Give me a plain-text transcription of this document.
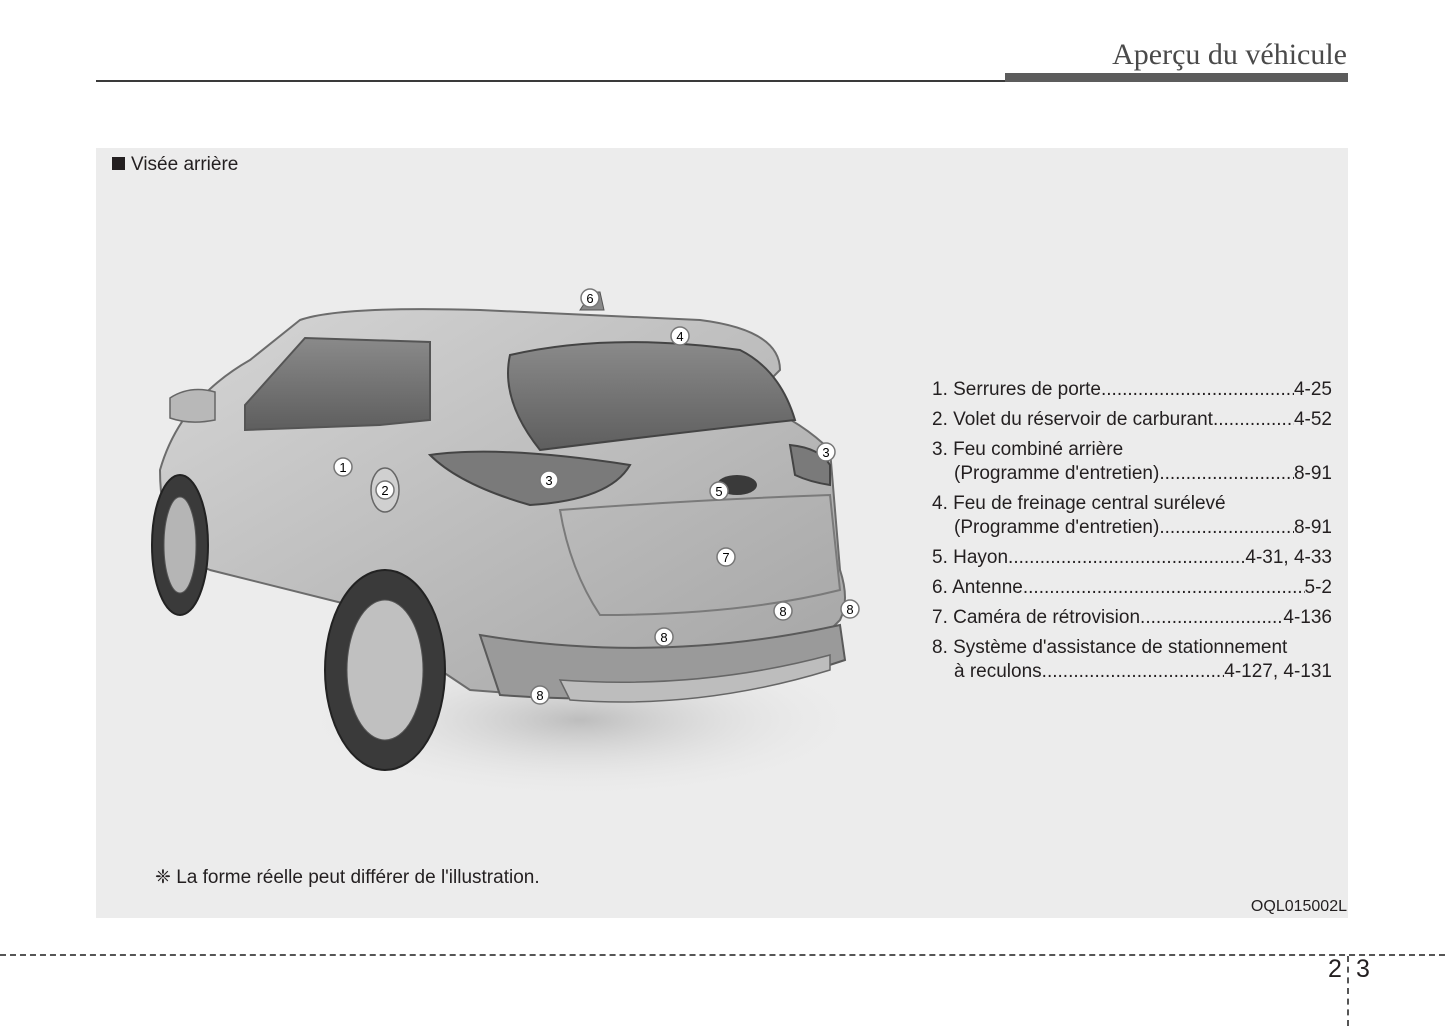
Aperçu du véhicule
Visée arrière
1
2
3
3
4
5
6
7
8	8
8
8
1. Serrures de porte .....	4-25
2. Volet du réservoir de carburant .....	4-52
3. Feu combiné arrière
(Programme d'entretien) .....	8-91
4. Feu de freinage central surélevé
(Programme d'entretien) .....	8-91
5. Hayon .....	4-31, 4-33
6. Antenne .....	5-2
7. Caméra de rétrovision .....	4-136
8. Système d'assistance de stationnement
à reculons .....	4-127, 4-131
❈ La forme réelle peut différer de l'illustration.
OQL015002L
2 3
